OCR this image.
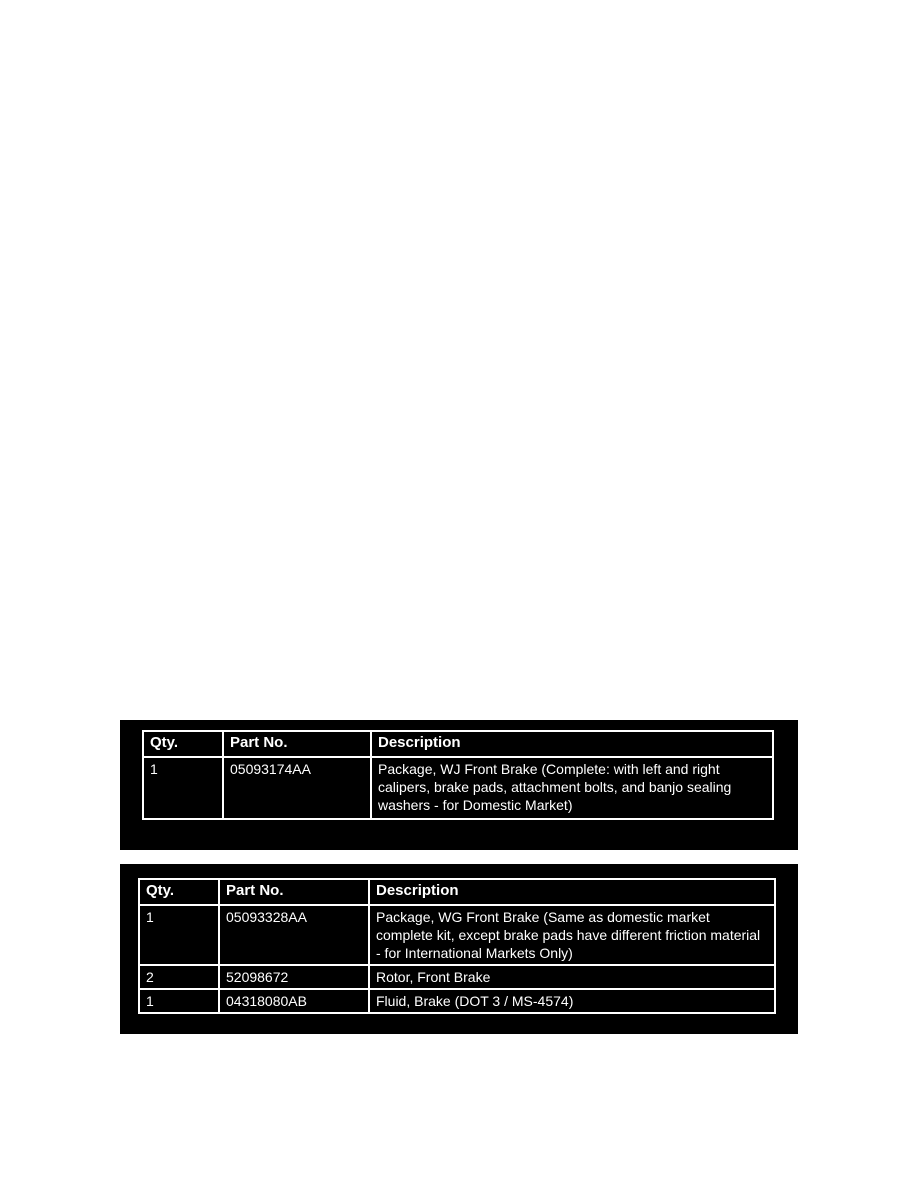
Qty.	Part No.	Description
1	05093174AA	Package, WJ Front Brake (Complete: with left and right calipers, brake pads, attachment bolts, and banjo sealing washers - for Domestic Market)
Qty.	Part No.	Description
1	05093328AA	Package, WG Front Brake (Same as domestic market complete kit, except brake pads have different friction material - for International Markets Only)
2	52098672	Rotor, Front Brake
1	04318080AB	Fluid, Brake (DOT 3 / MS-4574)
